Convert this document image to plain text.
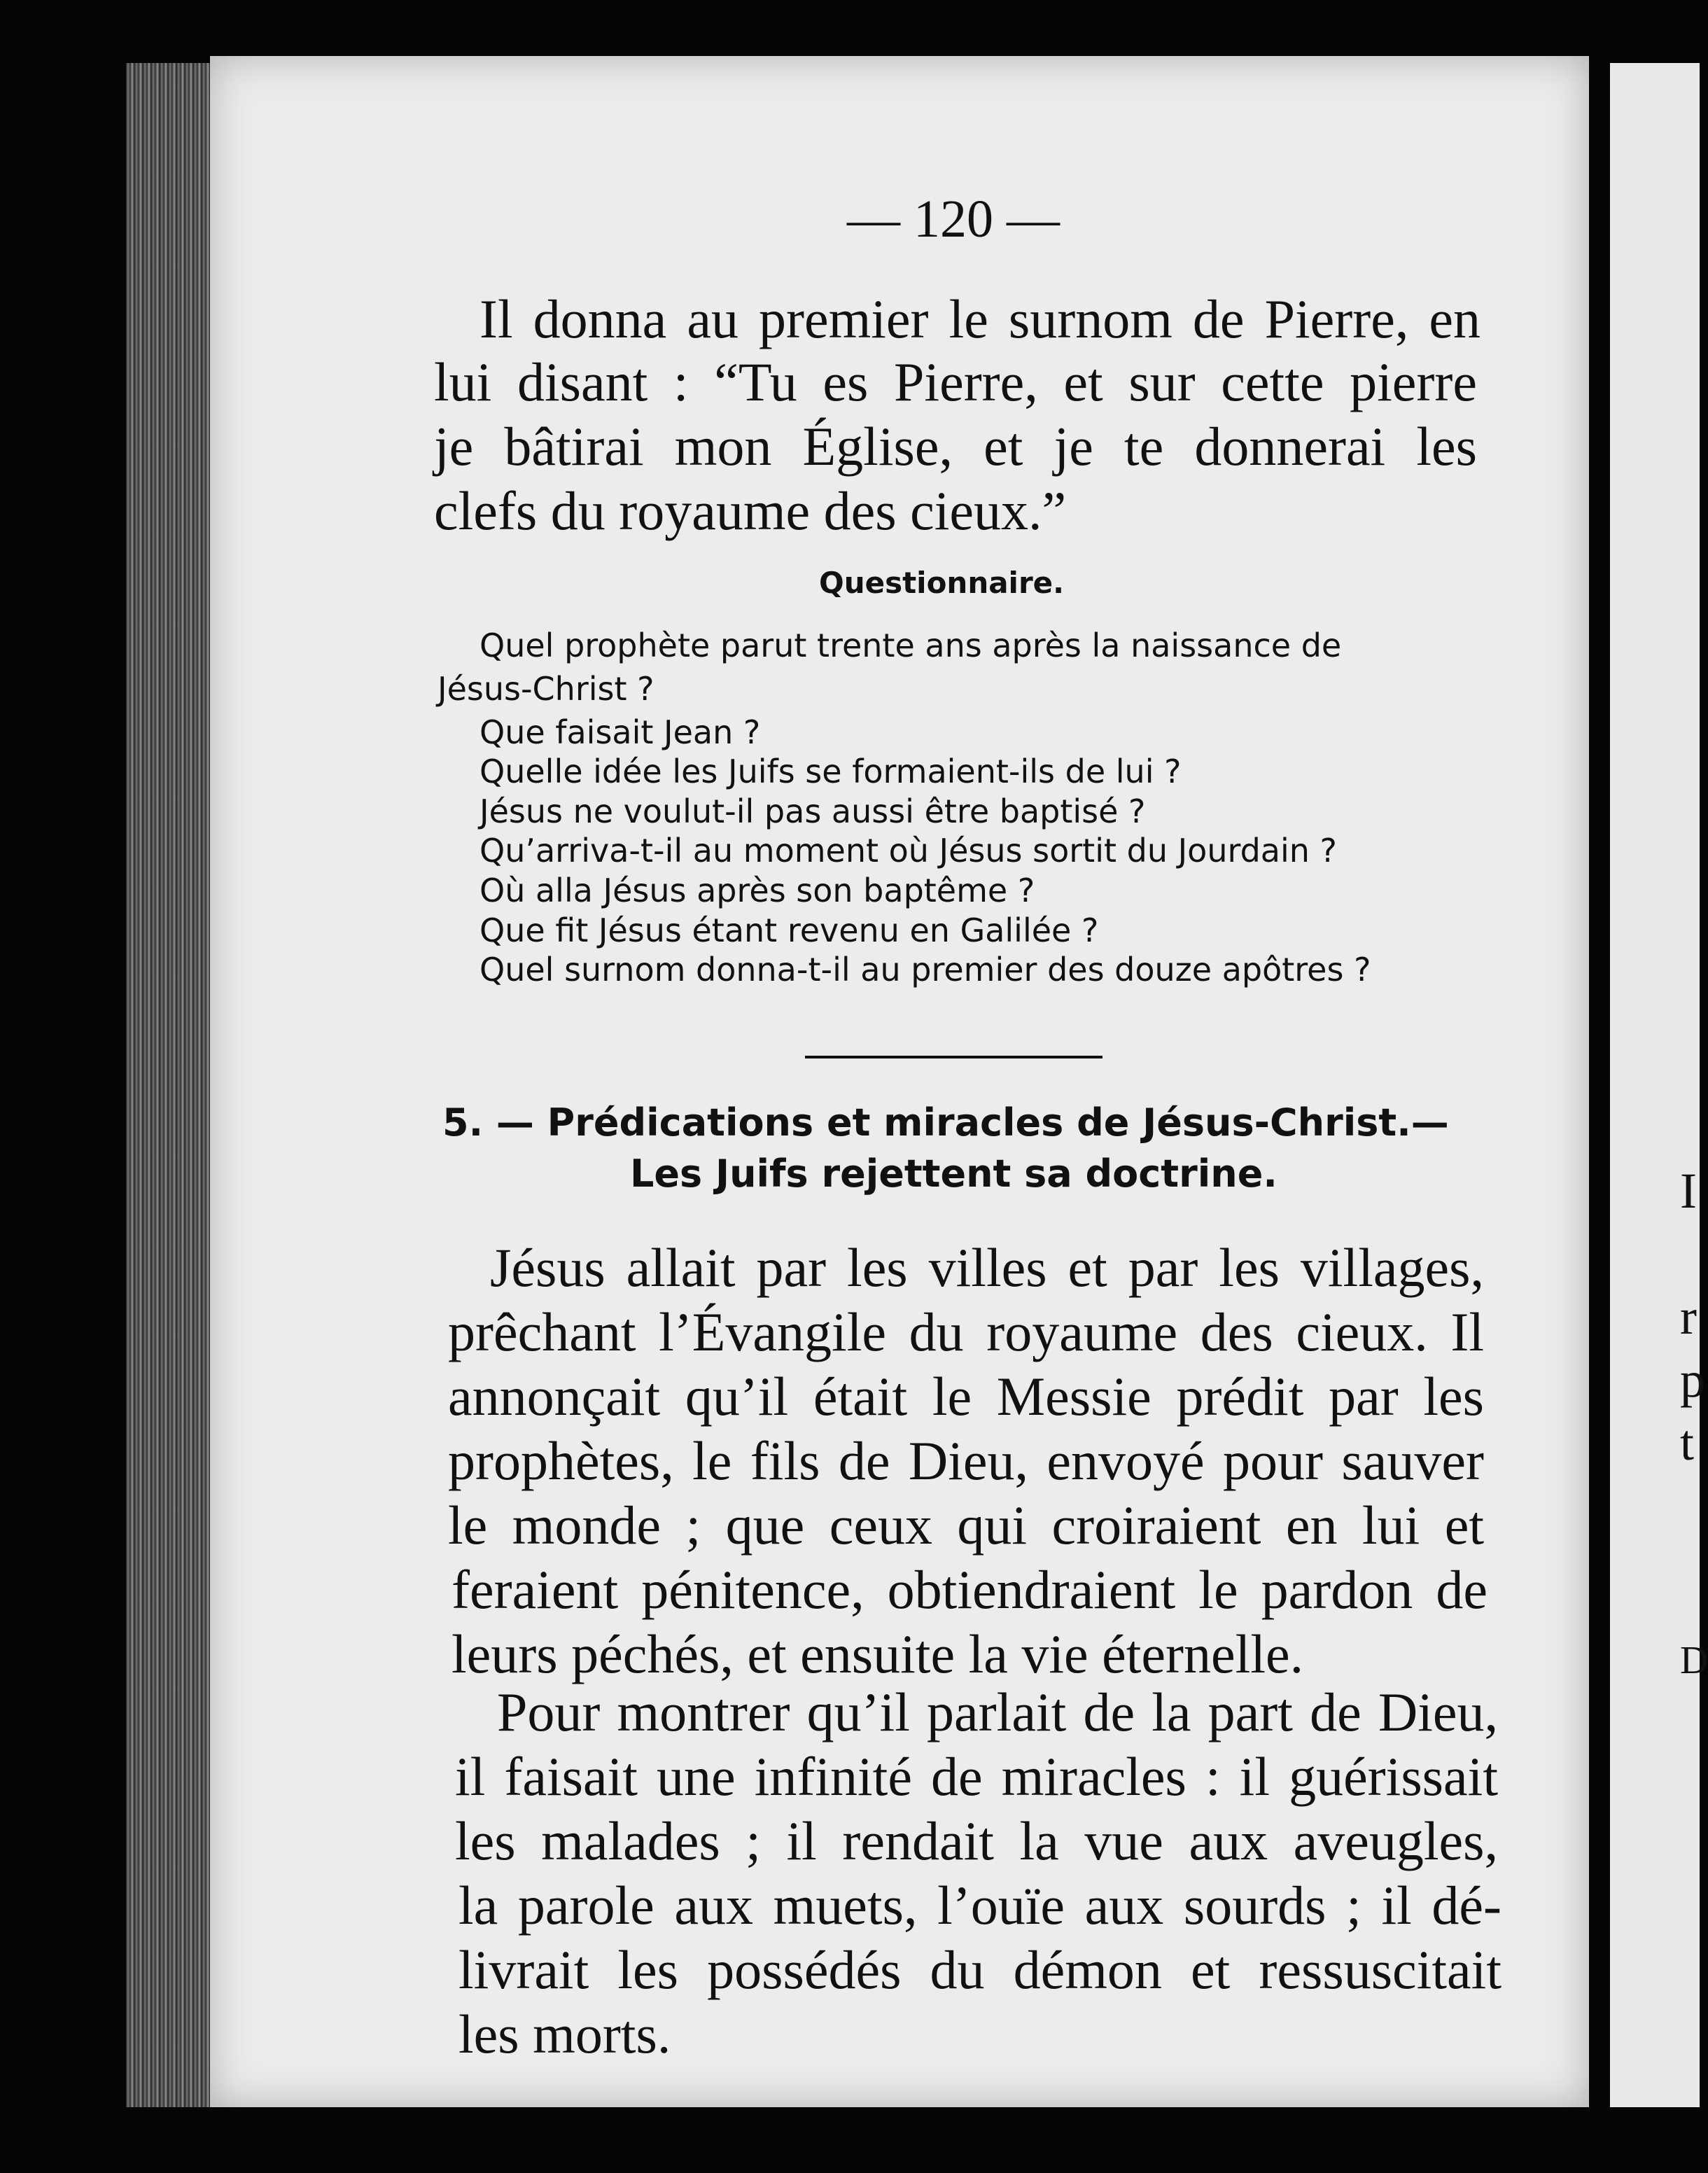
I
r
p
t
D
— 120 —
Il donna au premier le surnom de Pierre, en
lui disant : “Tu es Pierre, et sur cette pierre
je bâtirai mon Église, et je te donnerai les
clefs du royaume des cieux.”
Questionnaire.
Quel prophète parut trente ans après la naissance de
Jésus-Christ ?
Que faisait Jean ?
Quelle idée les Juifs se formaient-ils de lui ?
Jésus ne voulut-il pas aussi être baptisé ?
Qu’arriva-t-il au moment où Jésus sortit du Jourdain ?
Où alla Jésus après son baptême ?
Que fit Jésus étant revenu en Galilée ?
Quel surnom donna-t-il au premier des douze apôtres ?
5. — Prédications et miracles de Jésus-Christ.—
Les Juifs rejettent sa doctrine.
Jésus allait par les villes et par les villages,
prêchant l’Évangile du royaume des cieux. Il
annonçait qu’il était le Messie prédit par les
prophètes, le fils de Dieu, envoyé pour sauver
le monde ; que ceux qui croiraient en lui et
feraient pénitence, obtiendraient le pardon de
leurs péchés, et ensuite la vie éternelle.
Pour montrer qu’il parlait de la part de Dieu,
il faisait une infinité de miracles : il guérissait
les malades ; il rendait la vue aux aveugles,
la parole aux muets, l’ouïe aux sourds ; il dé-
livrait les possédés du démon et ressuscitait
les morts.
